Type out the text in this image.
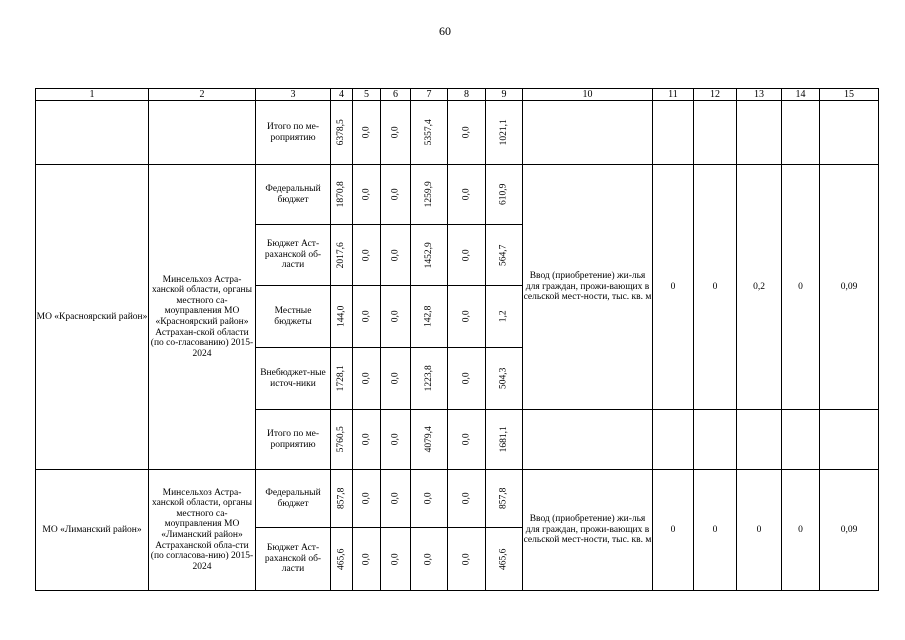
60
1	2	3	4	5	6	7	8	9	10	11	12	13	14	15
		Итого по ме-роприятию	6378,5	0,0	0,0	5357,4	0,0	1021,1						

МО «Красноярский район»	Минсельхоз Астра-ханской области, органы местного са-моуправления МО «Красноярский район» Астрахан-ской области (по со-гласованию) 2015-2024	Федеральный бюджет	1870,8	0,0	0,0	1259,9	0,0	610,9	Ввод (приобретение) жи-лья для граждан, прожи-вающих в сельской мест-ности, тыс. кв. м	0	0	0,2	0	0,09
		Бюджет Аст-раханской об-ласти	2017,6	0,0	0,0	1452,9	0,0	564,7						

		Местные бюджеты	144,0	0,0	0,0	142,8	0,0	1,2						

		Внебюджет-ные источ-ники	1728,1	0,0	0,0	1223,8	0,0	504,3						

		Итого по ме-роприятию	5760,5	0,0	0,0	4079,4	0,0	1681,1						

МО «Лиманский район»	Минсельхоз Астра-ханской области, органы местного са-моуправления МО «Лиманский район» Астраханской обла-сти (по согласова-нию) 2015-2024	Федеральный бюджет	857,8	0,0	0,0	0,0	0,0	857,8	Ввод (приобретение) жи-лья для граждан, прожи-вающих в сельской мест-ности, тыс. кв. м	0	0	0	0	0,09
		Бюджет Аст-раханской об-ласти	465,6	0,0	0,0	0,0	0,0	465,6						
